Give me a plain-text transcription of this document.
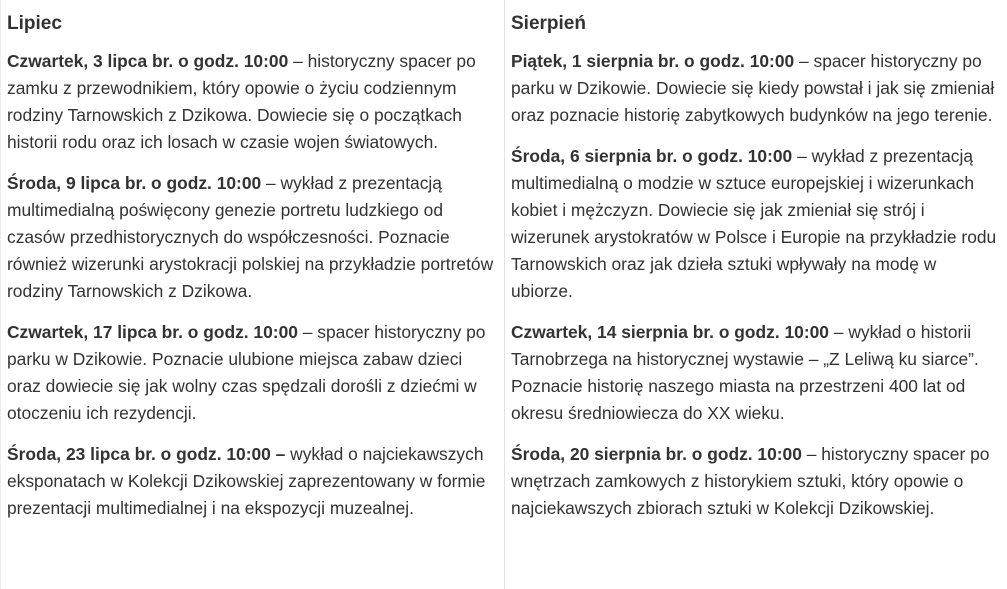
Lipiec

Czwartek, 3 lipca br. o godz. 10:00 – historyczny spacer po zamku z przewodnikiem, który opowie o życiu codziennym rodziny Tarnowskich z Dzikowa. Dowiecie się o początkach historii rodu oraz ich losach w czasie wojen światowych.

Środa, 9 lipca br. o godz. 10:00 – wykład z prezentacją multimedialną poświęcony genezie portretu ludzkiego od czasów przedhistorycznych do współczesności. Poznacie również wizerunki arystokracji polskiej na przykładzie portretów rodziny Tarnowskich z Dzikowa.

Czwartek, 17 lipca br. o godz. 10:00 – spacer historyczny po parku w Dzikowie. Poznacie ulubione miejsca zabaw dzieci oraz dowiecie się jak wolny czas spędzali dorośli z dziećmi w otoczeniu ich rezydencji.

Środa, 23 lipca br. o godz. 10:00 – wykład o najciekawszych eksponatach w Kolekcji Dzikowskiej zaprezentowany w formie prezentacji multimedialnej i na ekspozycji muzealnej.

Sierpień

Piątek, 1 sierpnia br. o godz. 10:00 – spacer historyczny po parku w Dzikowie. Dowiecie się kiedy powstał i jak się zmieniał oraz poznacie historię zabytkowych budynków na jego terenie.

Środa, 6 sierpnia br. o godz. 10:00 – wykład z prezentacją multimedialną o modzie w sztuce europejskiej i wizerunkach kobiet i mężczyzn. Dowiecie się jak zmieniał się strój i wizerunek arystokratów w Polsce i Europie na przykładzie rodu Tarnowskich oraz jak dzieła sztuki wpływały na modę w ubiorze.

Czwartek, 14 sierpnia br. o godz. 10:00 – wykład o historii Tarnobrzega na historycznej wystawie – „Z Leliwą ku siarce”. Poznacie historię naszego miasta na przestrzeni 400 lat od okresu średniowiecza do XX wieku.

Środa, 20 sierpnia br. o godz. 10:00 – historyczny spacer po wnętrzach zamkowych z historykiem sztuki, który opowie o najciekawszych zbiorach sztuki w Kolekcji Dzikowskiej.
